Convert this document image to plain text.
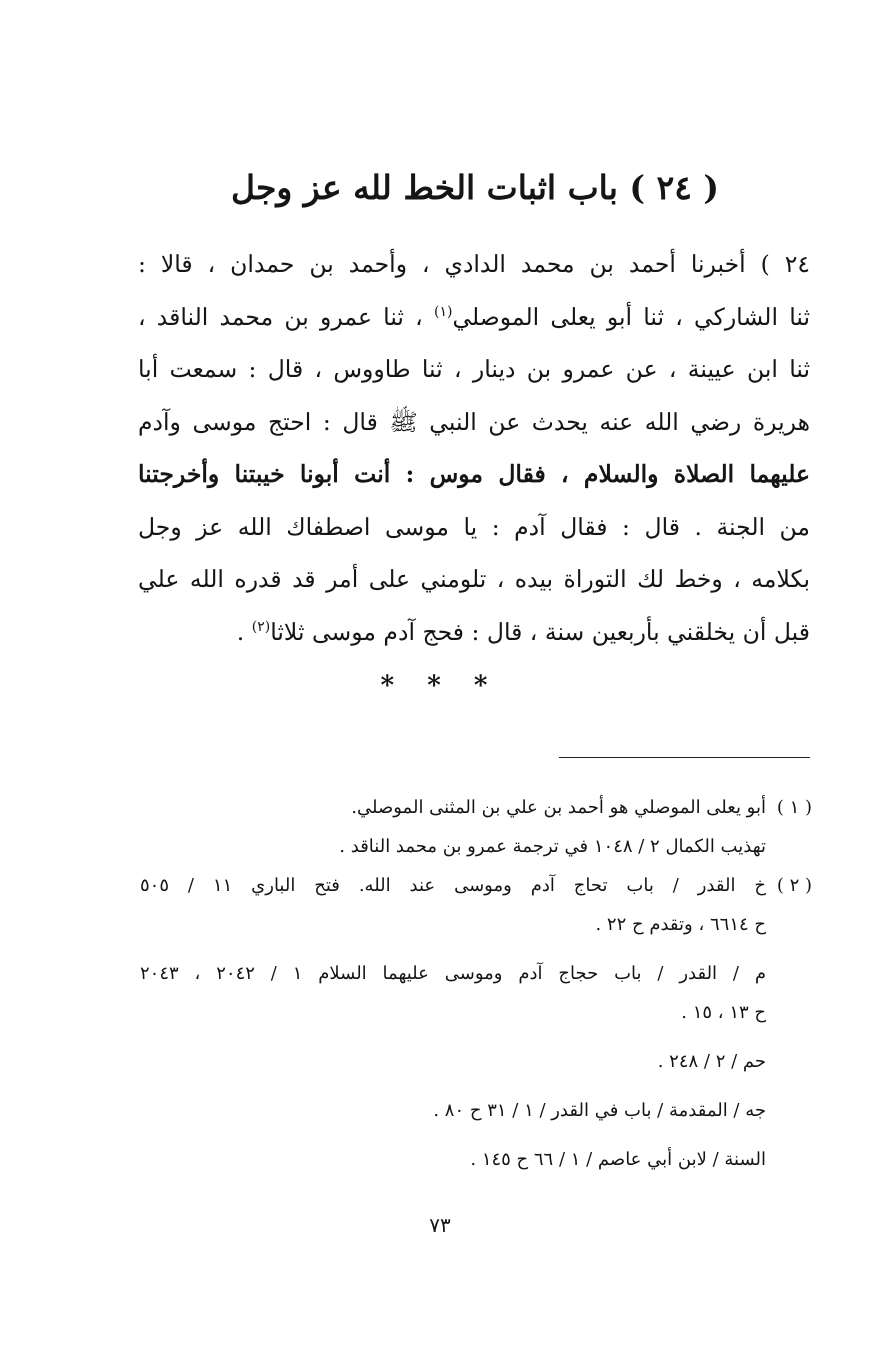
( ٢٤ ) باب اثبات الخط لله عز وجل
٢٤ ) أخبرنا أحمد بن محمد الدادي ، وأحمد بن حمدان ، قالا :
ثنا الشاركي ، ثنا أبو يعلى الموصلي$^{(١)}$ ، ثنا عمرو بن محمد الناقد ،
ثنا ابن عيينة ، عن عمرو بن دينار ، ثنا طاووس ، قال : سمعت أبا
هريرة رضي الله عنه يحدث عن النبي ﷺ قال : احتج موسى وآدم
عليهما الصلاة والسلام ، فقال موس : أنت أبونا خيبتنا وأخرجتنا
من الجنة . قال : فقال آدم : يا موسى اصطفاك الله عز وجل
بكلامه ، وخط لك التوراة بيده ، تلومني على أمر قد قدره الله علي
قبل أن يخلقني بأربعين سنة ، قال : فحج آدم موسى ثلاثا$^{(٢)}$ .
* * *
( ١ )
أبو يعلى الموصلي هو أحمد بن علي بن المثنى الموصلي.
تهذيب الكمال ٢ / ١٠٤٨ في ترجمة عمرو بن محمد الناقد .
( ٢ )
خ القدر / باب تحاج آدم وموسى عند الله. فتح الباري ١١ / ٥٠٥
ح ٦٦١٤ ، وتقدم ح ٢٢ .
م / القدر / باب حجاج آدم وموسى عليهما السلام ١ / ٢٠٤٢ ، ٢٠٤٣
ح ١٣ ، ١٥ .
حم / ٢ / ٢٤٨ .
جه / المقدمة / باب في القدر / ١ / ٣١ ح ٨٠ .
السنة / لابن أبي عاصم / ١ / ٦٦ ح ١٤٥ .
٧٣
